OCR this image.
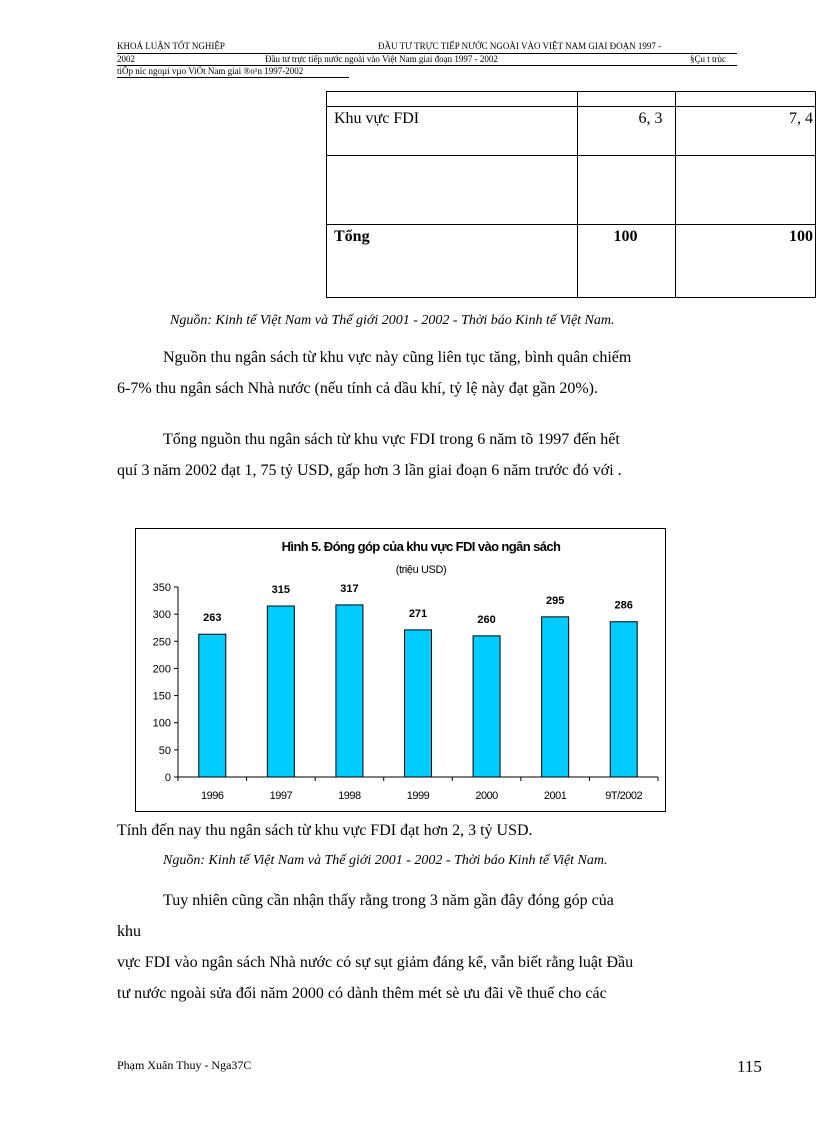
KHOÁ LUẬN TỐT NGHIỆP	ĐẦU TƯ TRỰC TIẾP NƯỚC NGOÀI VÀO VIỆT NAM GIAI ĐOẠN 1997 -
2002	Đầu tư trực tiếp nước ngoài vào Việt Nam giai đoạn 1997 - 2002	§Çu t trùc
tiÕp níc ngoµi vµo ViÖt Nam giai ®o¹n 1997-2002

Khu vực FDI	6, 3	7, 4

Tổng	100	100
Nguồn: Kinh tế Việt Nam và Thế giới 2001 - 2002 - Thời báo Kinh tế Việt Nam.
Nguồn thu ngân sách từ khu vực này cũng liên tục tăng, bình quân chiếm
6-7% thu ngân sách Nhà nước (nếu tính cả dầu khí, tỷ lệ này đạt gần 20%).
Tổng nguồn thu ngân sách từ khu vực FDI trong 6 năm tõ 1997 đến hết
quí 3 năm 2002 đạt 1, 75 tỷ USD, gấp hơn 3 lần giai đoạn 6 năm trước đó với .
Hình 5. Đóng góp của khu vực FDI vào ngân sách
(triệu USD)
0
50
100
150
200
250
300
350
263
1996
315
1997
317
1998
271
1999
260
2000
295
2001
286
9T/2002
Tính đến nay thu ngân sách từ khu vực FDI đạt hơn 2, 3 tỷ USD.
Nguồn: Kinh tế Việt Nam và Thế giới 2001 - 2002 - Thời báo Kinh tế Việt Nam.
Tuy nhiên cũng cần nhận thấy rằng trong 3 năm gần đây đóng góp của
khu
vực FDI vào ngân sách Nhà nước có sự sụt giảm đáng kể, vẫn biết rằng luật Đầu
tư nước ngoài sửa đổi năm 2000 có dành thêm mét sè ưu đãi về thuế cho các
Phạm Xuân Thuy - Nga37C	115
